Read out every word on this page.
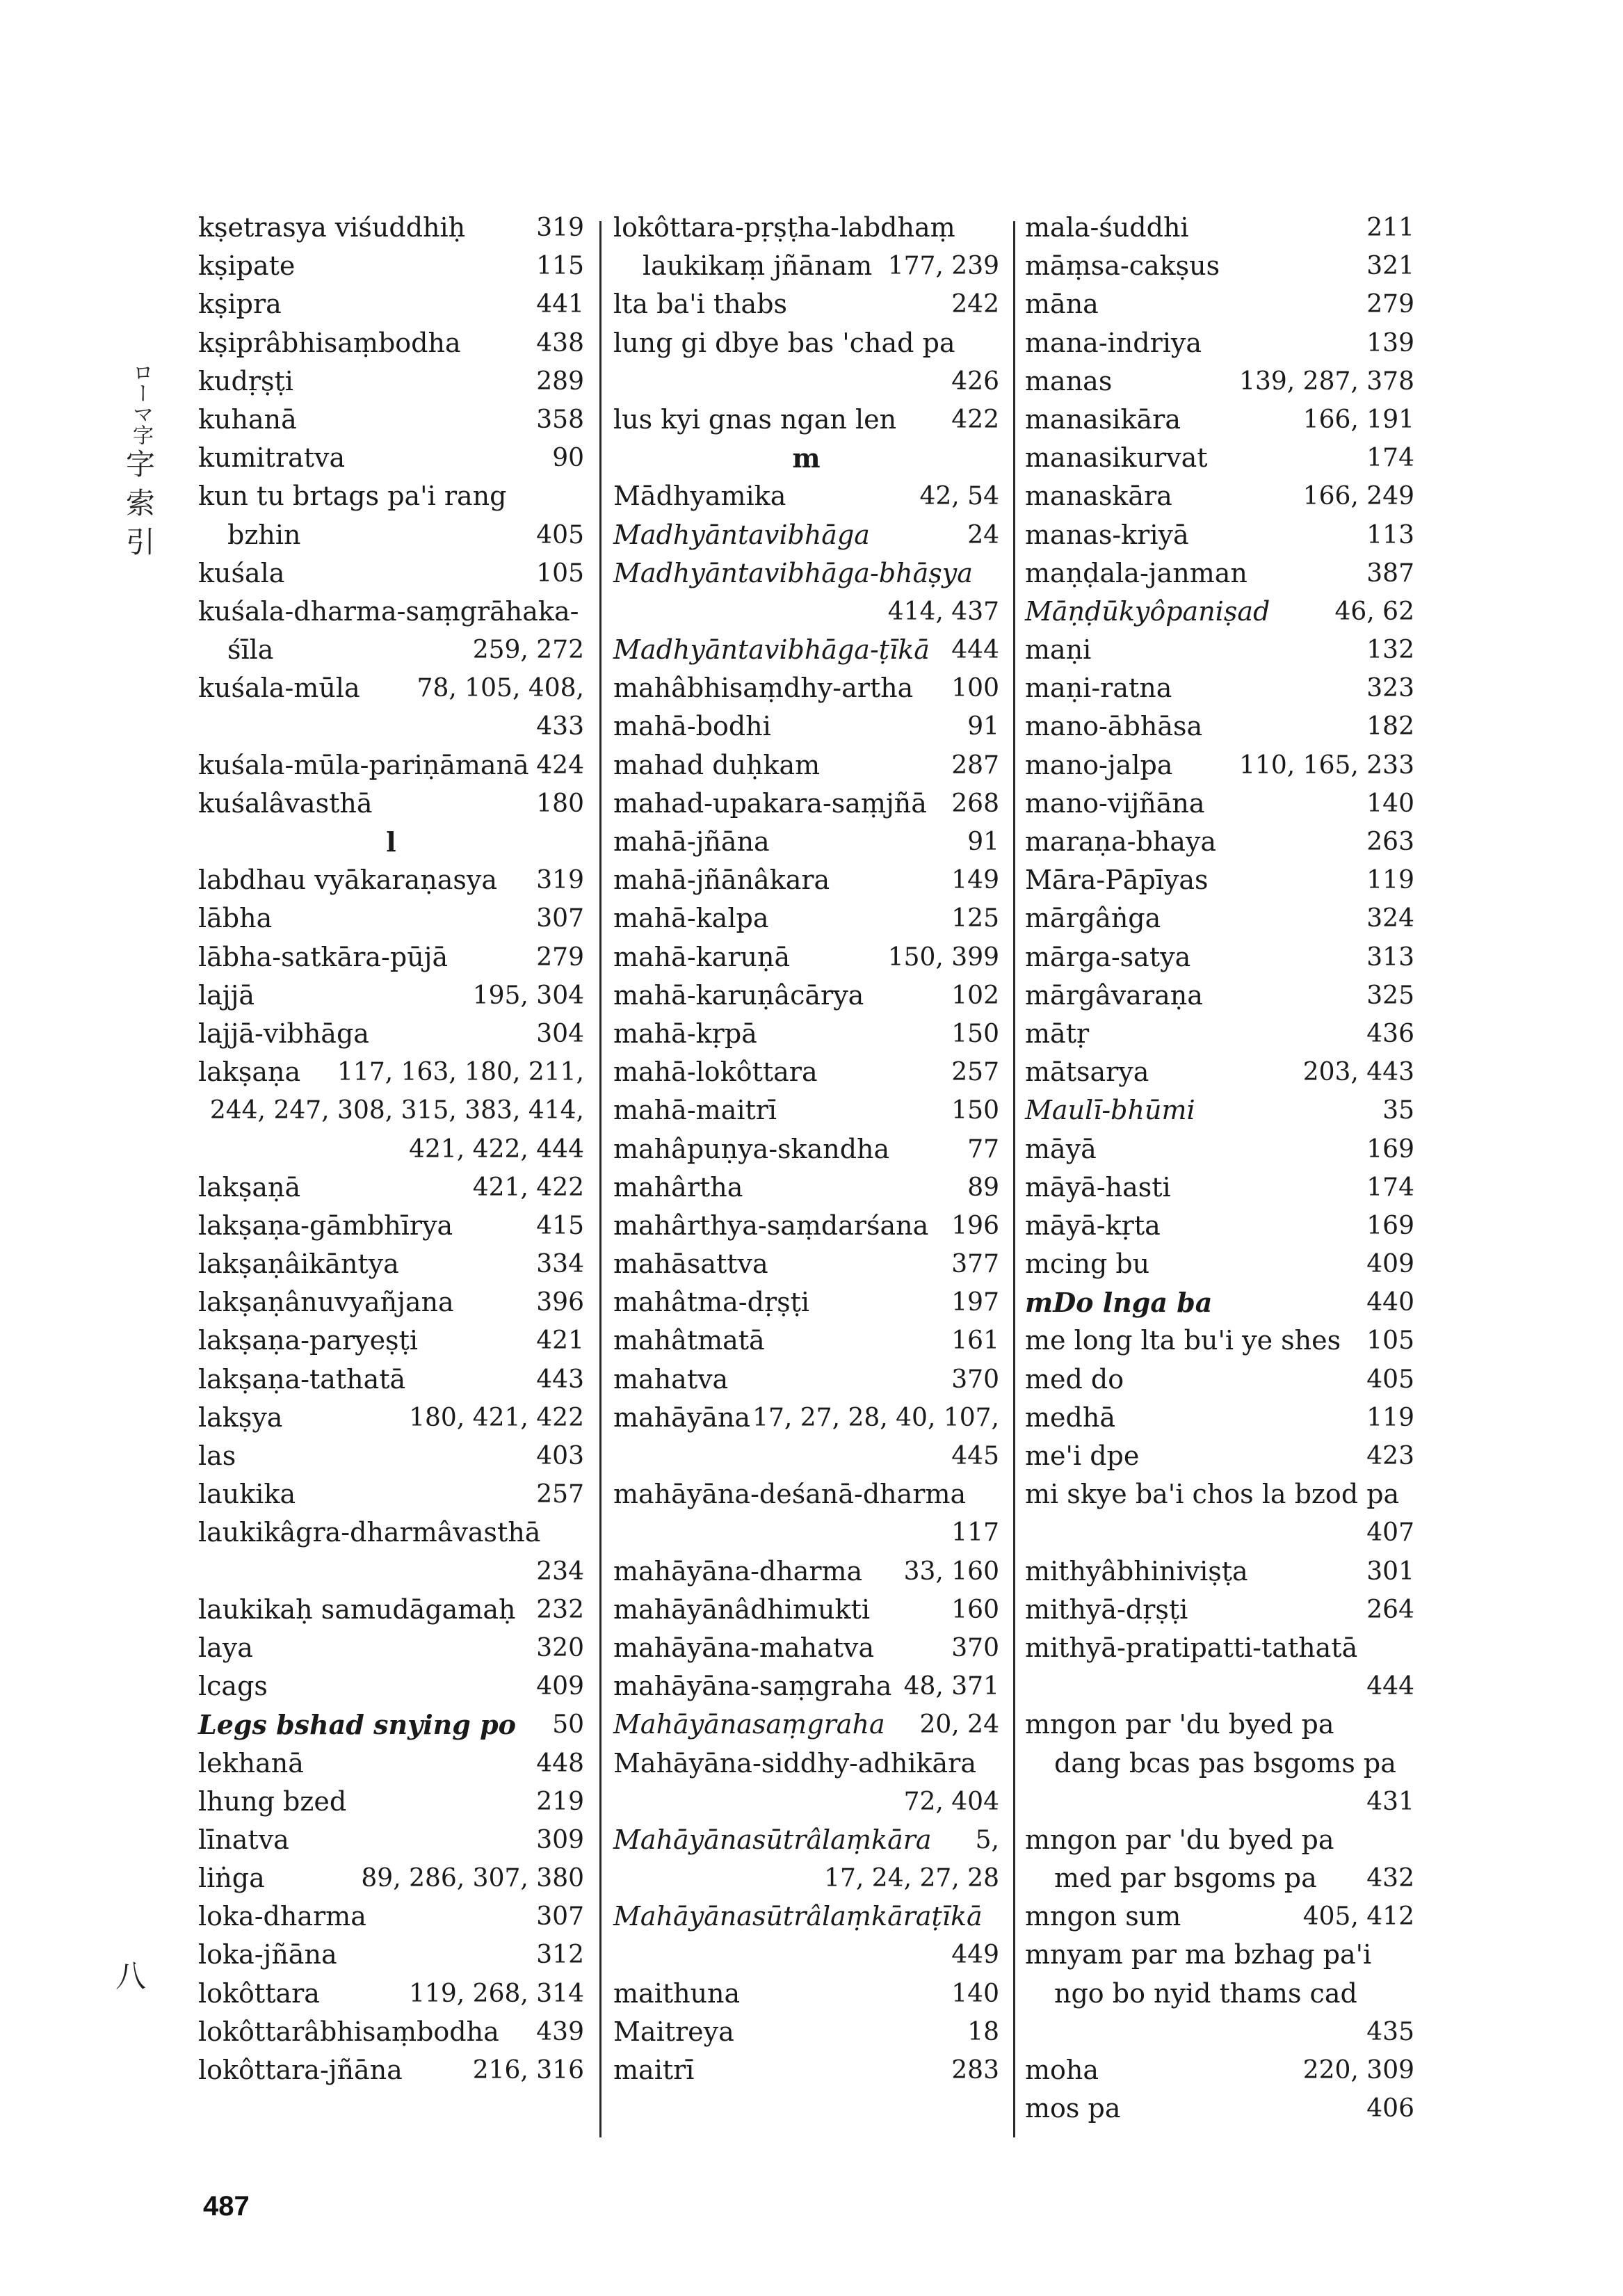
ローマ字
字
索
引
kṣetrasya viśuddhiḥ	319
kṣipate	115
kṣipra	441
kṣiprâbhisaṃbodha	438
kudṛṣṭi	289
kuhanā	358
kumitratva	90
kun tu brtags pa'i rang
bzhin	405
kuśala	105
kuśala-dharma-saṃgrāhaka-
śīla	259, 272
kuśala-mūla 78, 105, 408,
433
kuśala-mūla-pariṇāmanā 424
kuśalâvasthā	180
l
labdhau vyākaraṇasya 319
lābha	307
lābha-satkāra-pūjā	279
lajjā	195, 304
lajjā-vibhāga	304
lakṣaṇa 117, 163, 180, 211,
244, 247, 308, 315, 383, 414,
421, 422, 444
lakṣaṇā	421, 422
lakṣaṇa-gāmbhīrya	415
lakṣaṇâikāntya	334
lakṣaṇânuvyañjana	396
lakṣaṇa-paryeṣṭi	421
lakṣaṇa-tathatā	443
lakṣya	180, 421, 422
las	403
laukika	257
laukikâgra-dharmâvasthā
234
laukikaḥ samudāgamaḥ 232
laya	320
lcags	409
Legs bshad snying po 50
lekhanā	448
lhung bzed	219
līnatva	309
liṅga	89, 286, 307, 380
loka-dharma	307
loka-jñāna	312
lokôttara	119, 268, 314
lokôttarâbhisaṃbodha 439
lokôttara-jñāna	216, 316
lokôttara-pṛṣṭha-labdhaṃ
laukikaṃ jñānam 177, 239
lta ba'i thabs	242
lung gi dbye bas 'chad pa
426
lus kyi gnas ngan len 422
m
Mādhyamika	42, 54
Madhyāntavibhāga	24
Madhyāntavibhāga-bhāṣya
414, 437
Madhyāntavibhāga-ṭīkā 444
mahâbhisaṃdhy-artha 100
mahā-bodhi	91
mahad duḥkam	287
mahad-upakara-saṃjñā 268
mahā-jñāna	91
mahā-jñānâkara	149
mahā-kalpa	125
mahā-karuṇā	150, 399
mahā-karuṇâcārya	102
mahā-kṛpā	150
mahā-lokôttara	257
mahā-maitrī	150
mahâpuṇya-skandha	77
mahârtha	89
mahârthya-saṃdarśana 196
mahāsattva	377
mahâtma-dṛṣṭi	197
mahâtmatā	161
mahatva	370
mahāyāna 17, 27, 28, 40, 107,
445
mahāyāna-deśanā-dharma
117
mahāyāna-dharma 33, 160
mahāyānâdhimukti	160
mahāyāna-mahatva	370
mahāyāna-saṃgraha 48, 371
Mahāyānasaṃgraha 20, 24
Mahāyāna-siddhy-adhikāra
72, 404
Mahāyānasūtrâlaṃkāra 5,
17, 24, 27, 28
Mahāyānasūtrâlaṃkāraṭīkā
449
maithuna	140
Maitreya	18
maitrī	283
mala-śuddhi	211
māṃsa-cakṣus	321
māna	279
mana-indriya	139
manas	139, 287, 378
manasikāra	166, 191
manasikurvat	174
manaskāra	166, 249
manas-kriyā	113
maṇḍala-janman	387
Māṇḍūkyôpaniṣad	46, 62
maṇi	132
maṇi-ratna	323
mano-ābhāsa	182
mano-jalpa	110, 165, 233
mano-vijñāna	140
maraṇa-bhaya	263
Māra-Pāpīyas	119
mārgâṅga	324
mārga-satya	313
mārgâvaraṇa	325
mātṛ	436
mātsarya	203, 443
Maulī-bhūmi	35
māyā	169
māyā-hasti	174
māyā-kṛta	169
mcing bu	409
mDo lnga ba	440
me long lta bu'i ye shes 105
med do	405
medhā	119
me'i dpe	423
mi skye ba'i chos la bzod pa
407
mithyâbhiniviṣṭa	301
mithyā-dṛṣṭi	264
mithyā-pratipatti-tathatā
444
mngon par 'du byed pa
dang bcas pas bsgoms pa
431
mngon par 'du byed pa
med par bsgoms pa 432
mngon sum	405, 412
mnyam par ma bzhag pa'i
ngo bo nyid thams cad
435
moha	220, 309
mos pa	406
八
487
